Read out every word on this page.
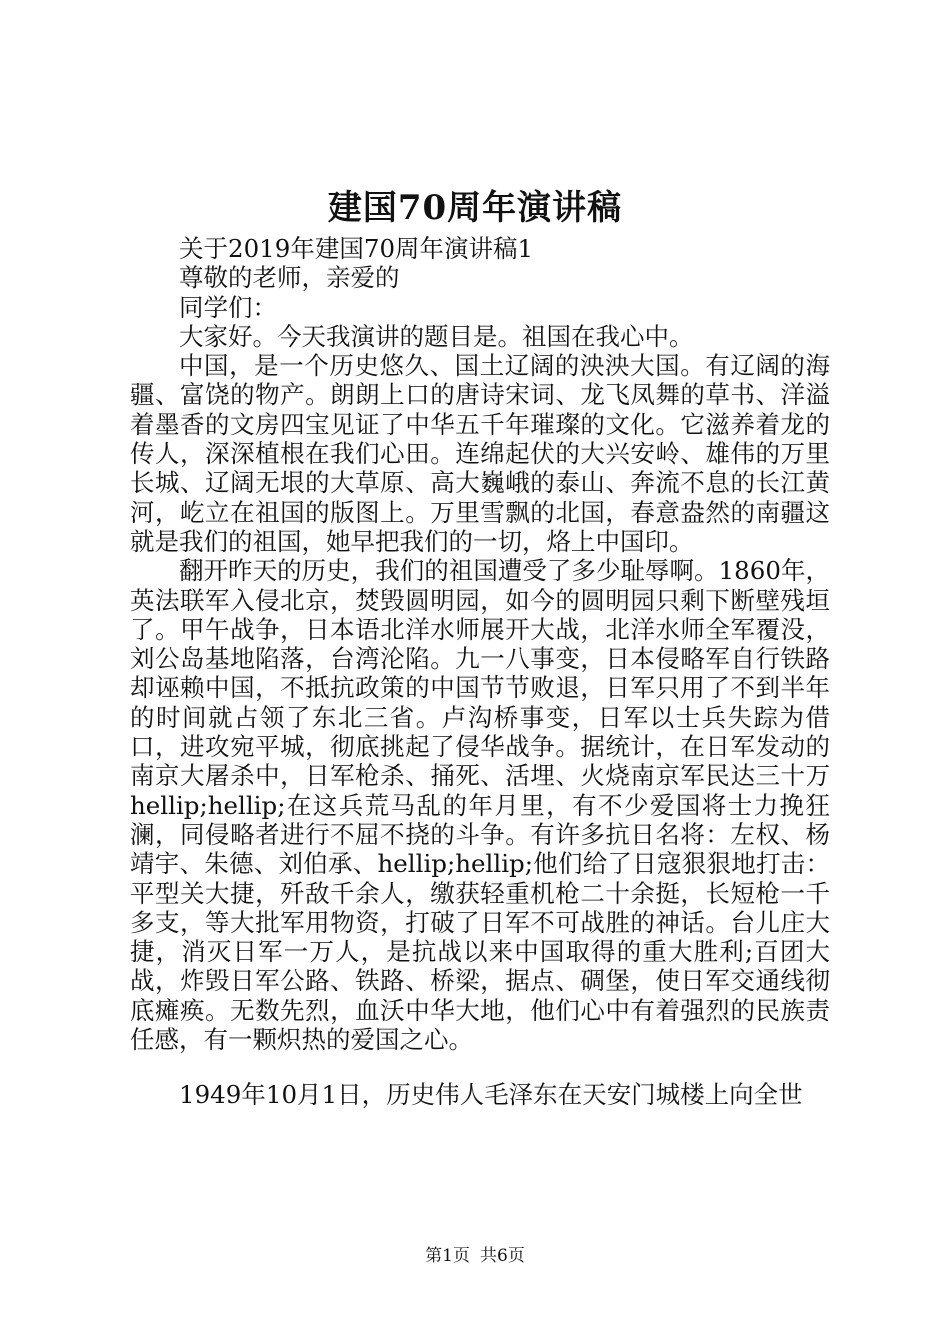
建国70周年演讲稿

关于2019年建国70周年演讲稿1

尊敬的老师，亲爱的

同学们：

大家好。今天我演讲的题目是。祖国在我心中。

中国，是一个历史悠久、国土辽阔的泱泱大国。有辽阔的海疆、富饶的物产。朗朗上口的唐诗宋词、龙飞凤舞的草书、洋溢着墨香的文房四宝见证了中华五千年璀璨的文化。它滋养着龙的传人，深深植根在我们心田。连绵起伏的大兴安岭、雄伟的万里长城、辽阔无垠的大草原、高大巍峨的泰山、奔流不息的长江黄河，屹立在祖国的版图上。万里雪飘的北国，春意盎然的南疆这就是我们的祖国，她早把我们的一切，烙上中国印。

翻开昨天的历史，我们的祖国遭受了多少耻辱啊。1860年，英法联军入侵北京，焚毁圆明园，如今的圆明园只剩下断壁残垣了。甲午战争，日本语北洋水师展开大战，北洋水师全军覆没，刘公岛基地陷落，台湾沦陷。九一八事变，日本侵略军自行铁路却诬赖中国，不抵抗政策的中国节节败退，日军只用了不到半年的时间就占领了东北三省。卢沟桥事变，日军以士兵失踪为借口，进攻宛平城，彻底挑起了侵华战争。据统计，在日军发动的南京大屠杀中，日军枪杀、捅死、活埋、火烧南京军民达三十万hellip;hellip;在这兵荒马乱的年月里，有不少爱国将士力挽狂澜，同侵略者进行不屈不挠的斗争。有许多抗日名将：左权、杨靖宇、朱德、刘伯承、hellip;hellip;他们给了日寇狠狠地打击：平型关大捷，歼敌千余人，缴获轻重机枪二十余挺，长短枪一千多支，等大批军用物资，打破了日军不可战胜的神话。台儿庄大捷，消灭日军一万人，是抗战以来中国取得的重大胜利;百团大战，炸毁日军公路、铁路、桥梁，据点、碉堡，使日军交通线彻底瘫痪。无数先烈，血沃中华大地，他们心中有着强烈的民族责任感，有一颗炽热的爱国之心。

1949年10月1日，历史伟人毛泽东在天安门城楼上向全世

第1页 共6页
